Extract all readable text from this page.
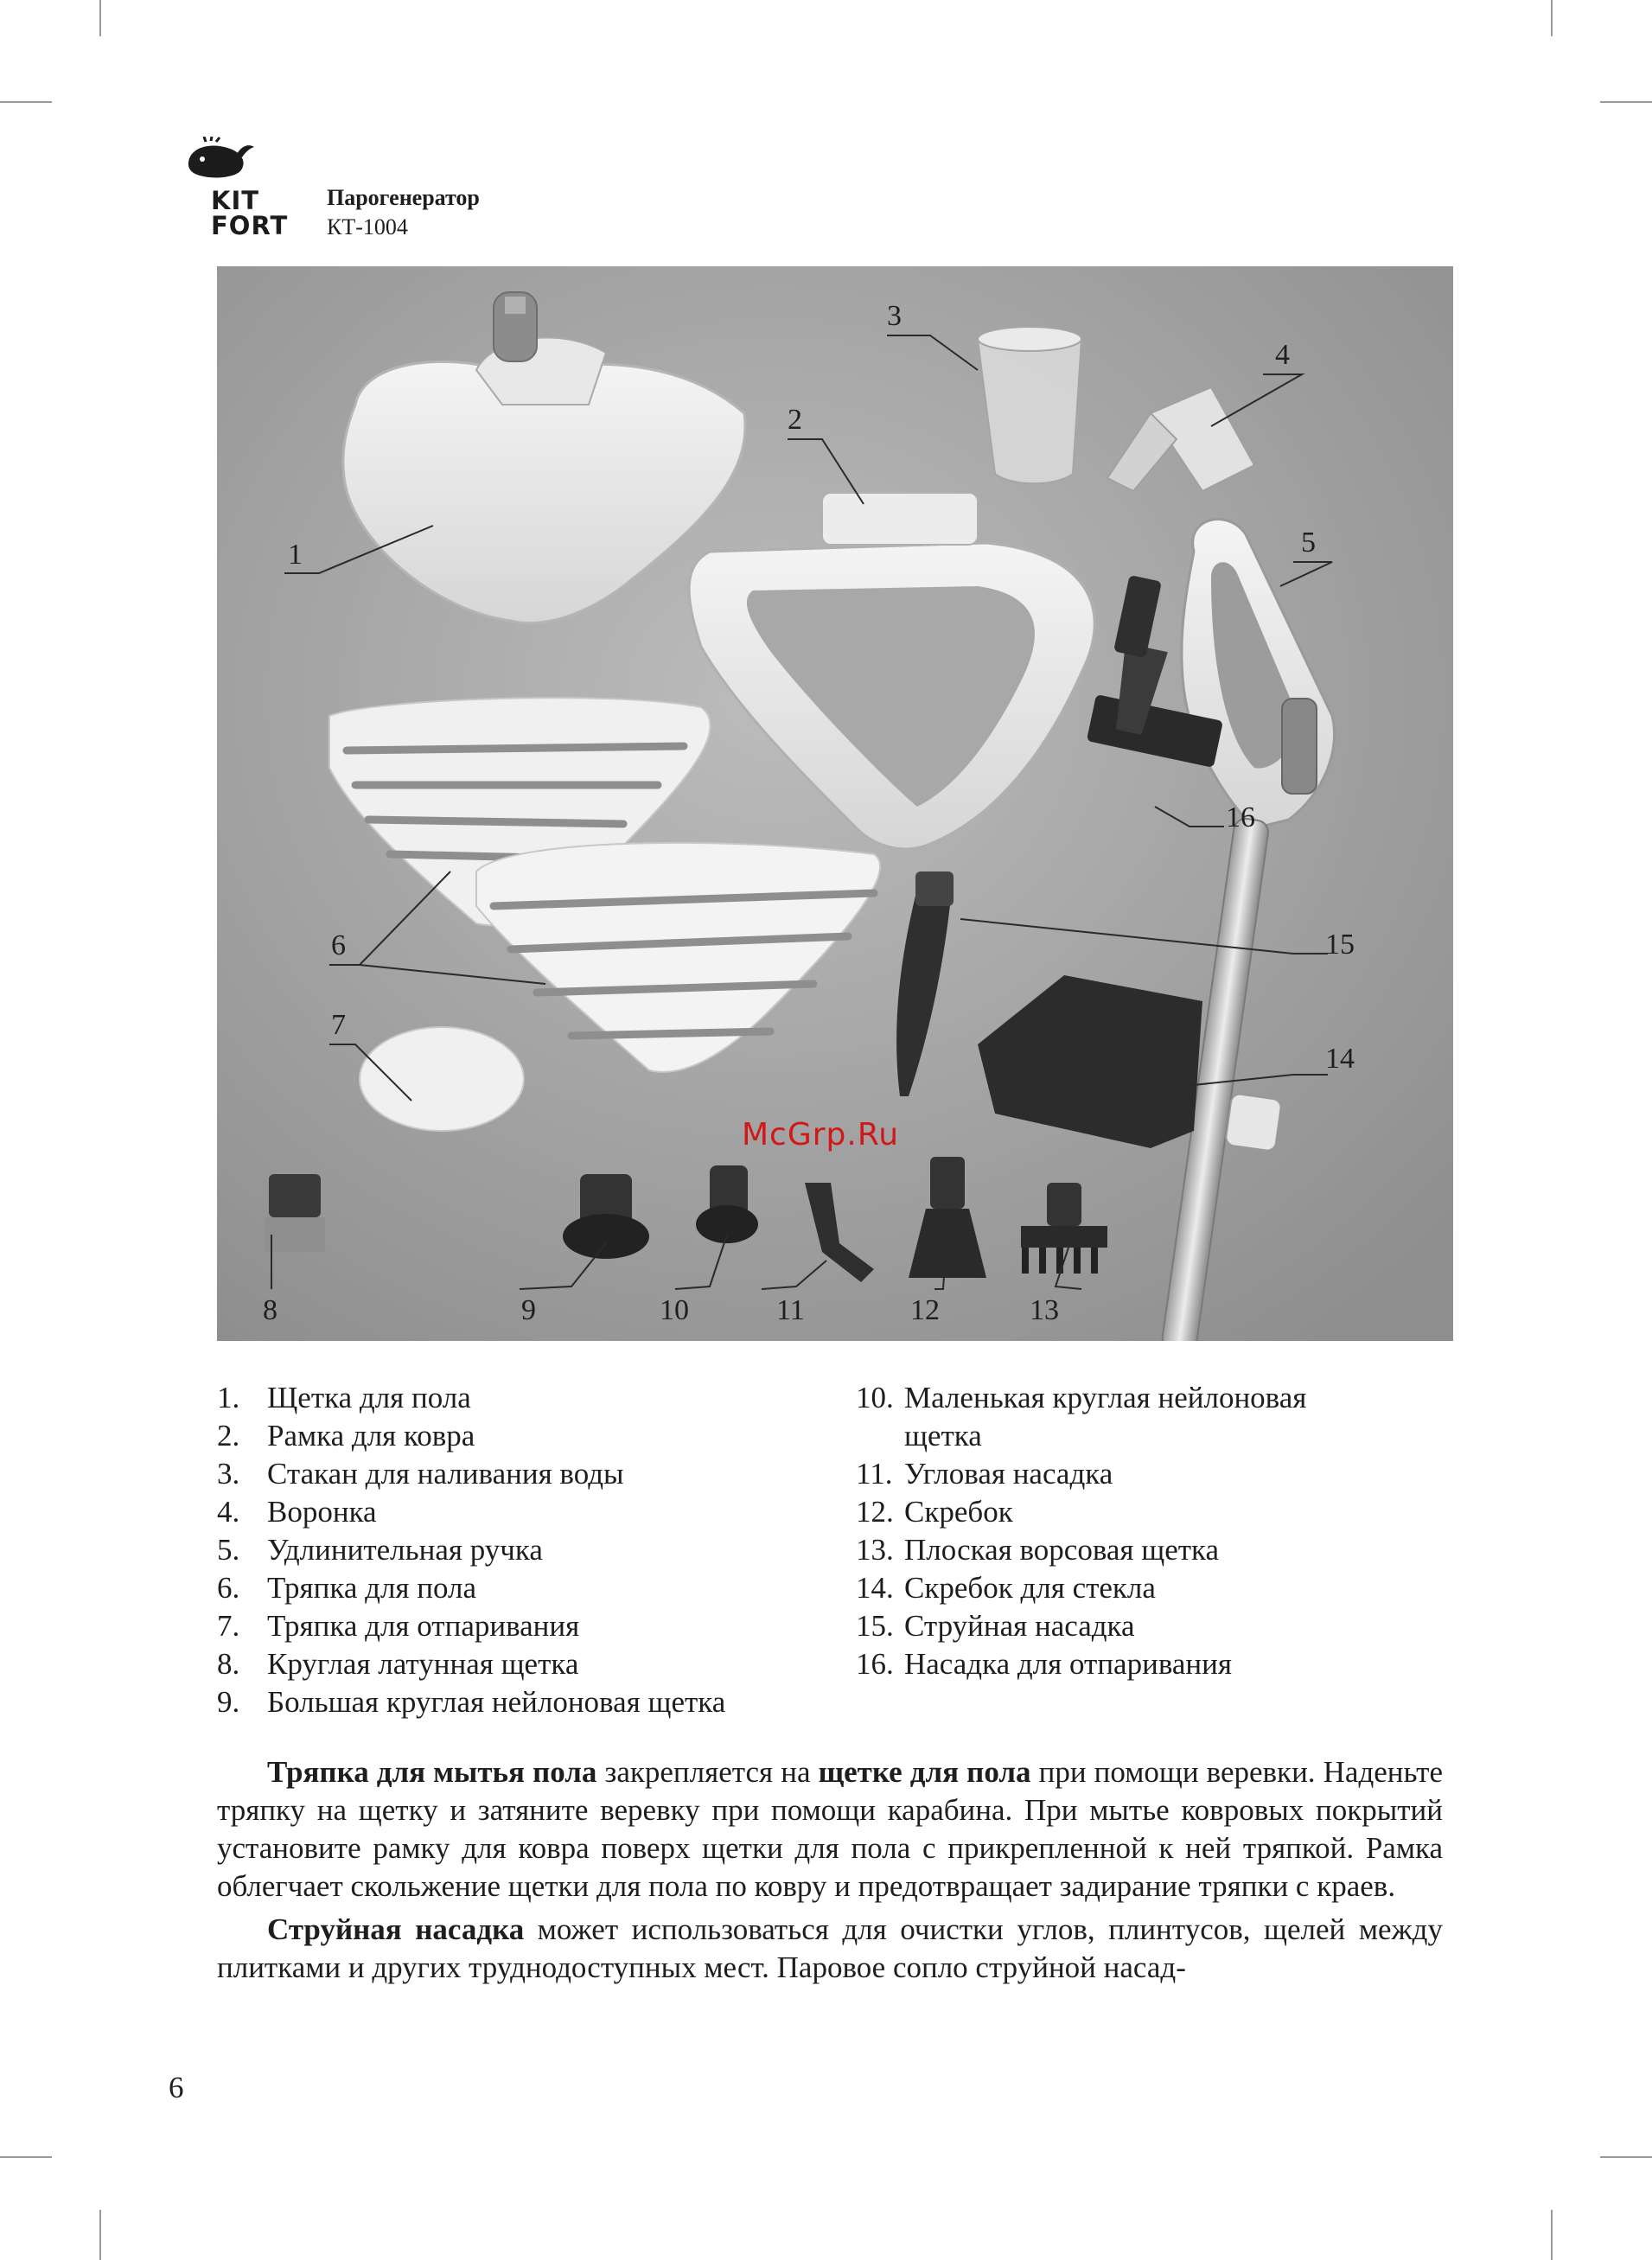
KIT
FORT
Парогенератор
КТ-1004
1
2
3
4
5
6
7
8	9	10	11	12	13
14
15
16
McGrp.Ru
1. Щетка для пола
2. Рамка для ковра
3. Стакан для наливания воды
4. Воронка
5. Удлинительная ручка
6. Тряпка для пола
7. Тряпка для отпаривания
8. Круглая латунная щетка
9. Большая круглая нейлоновая щетка
10. Маленькая круглая нейлоновая щетка
11. Угловая насадка
12. Скребок
13. Плоская ворсовая щетка
14. Скребок для стекла
15. Струйная насадка
16. Насадка для отпаривания

Тряпка для мытья пола закрепляется на щетке для пола при помощи веревки. Наденьте тряпку на щетку и затяните веревку при помощи карабина. При мытье ковровых покрытий установите рамку для ковра поверх щетки для пола с прикрепленной к ней тряпкой. Рамка облегчает скольжение щетки для пола по ковру и предотвращает задирание тряпки с краев.

Струйная насадка может использоваться для очистки углов, плинтусов, щелей между плитками и других труднодоступных мест. Паровое сопло струйной насад-

6
